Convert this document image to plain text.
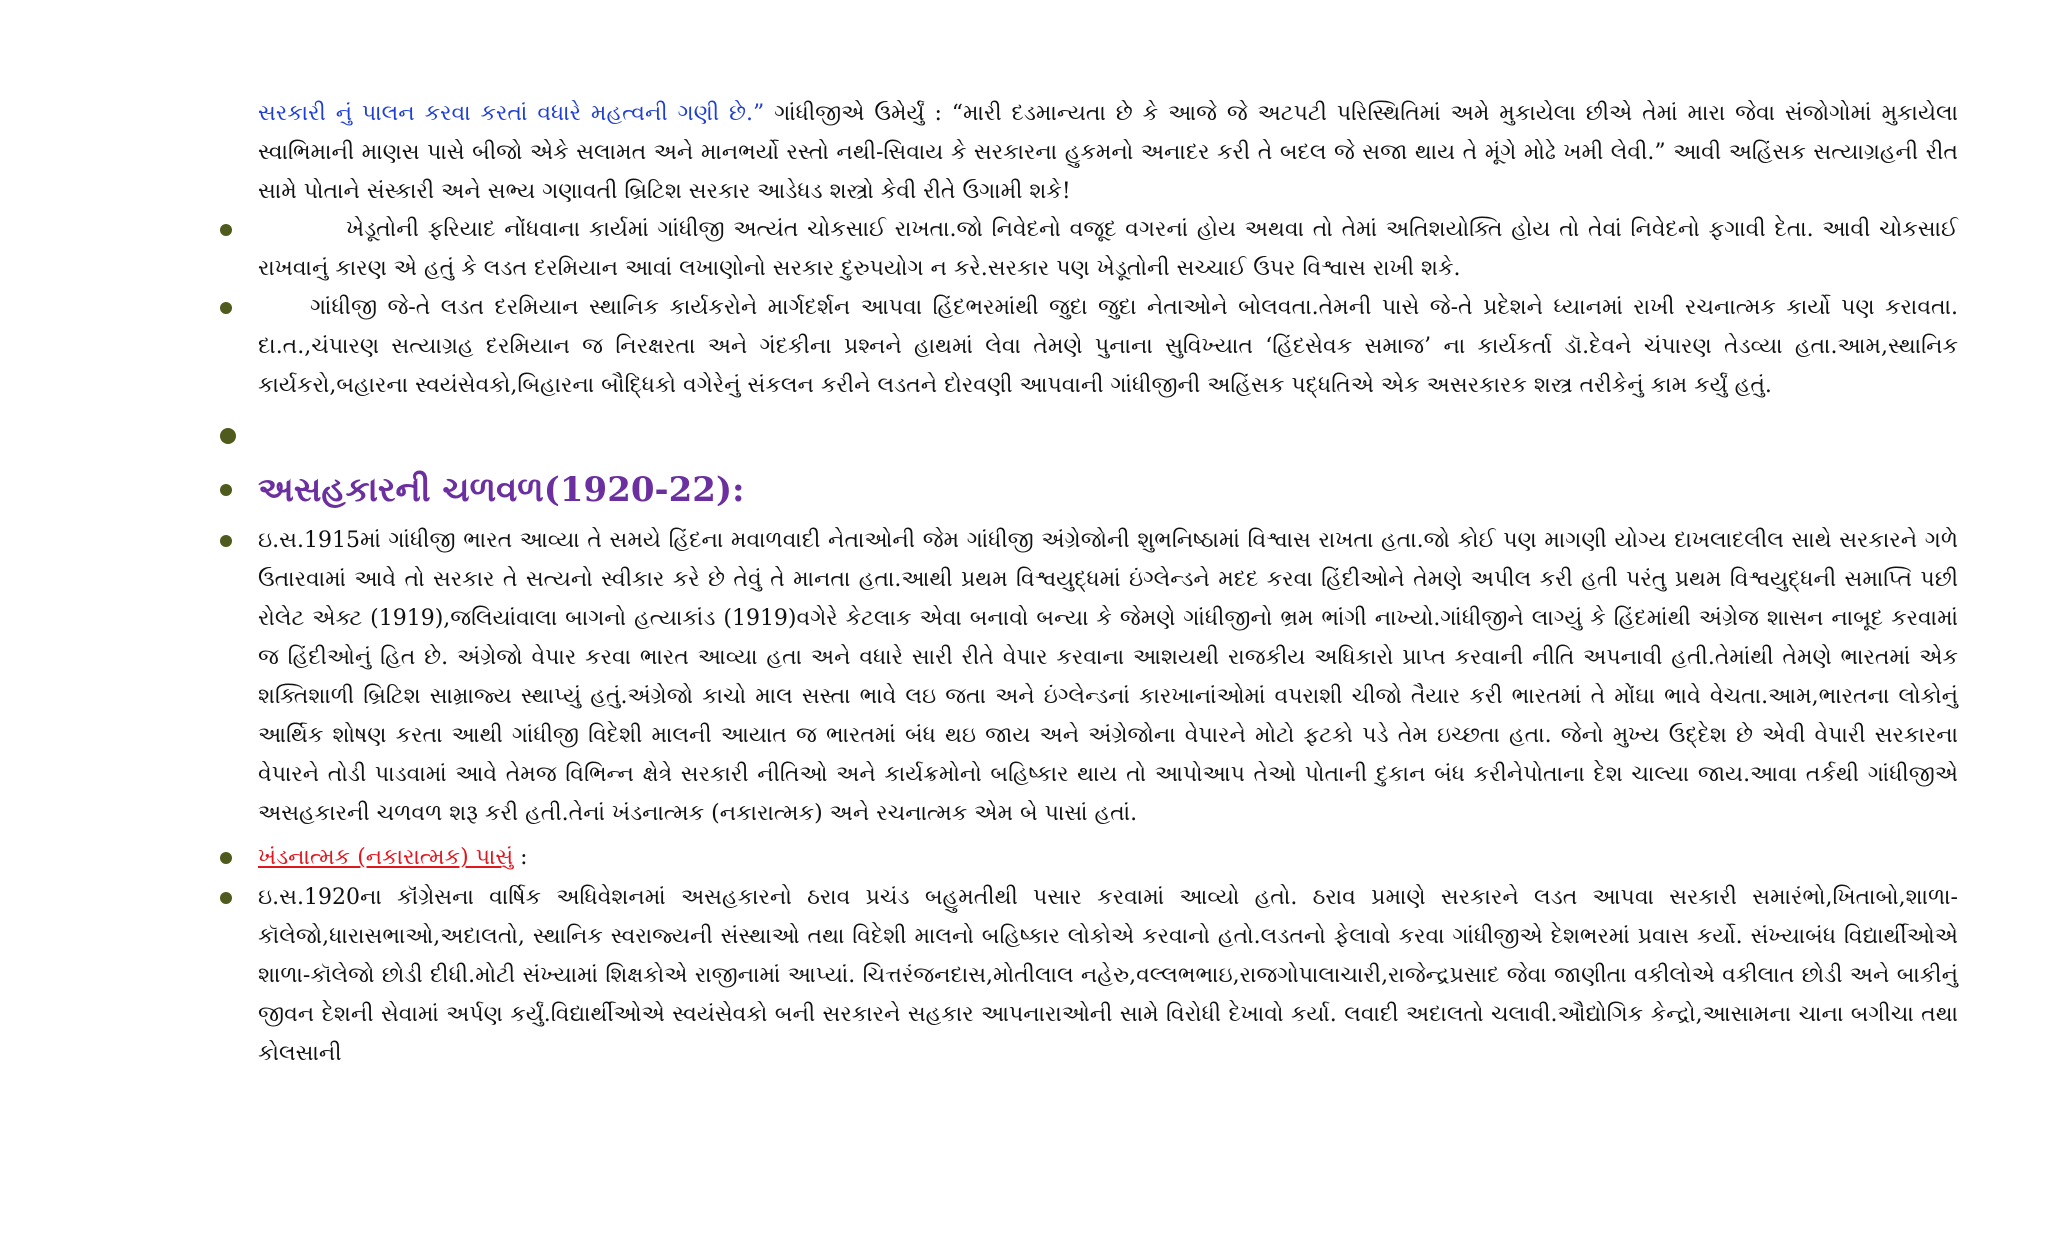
સરકારી નું પાલન કરવા કરતાં વધારે મહત્વની ગણી છે.” ગાંધીજીએ ઉમેર્યું : “મારી દડમાન્યતા છે કે આજે જે અટપટી પરિસ્થિતિમાં અમે મુકાયેલા છીએ તેમાં મારા જેવા સંજોગોમાં મુકાયેલા સ્વાભિમાની માણસ પાસે બીજો એકે સલામત અને માનભર્યો રસ્તો નથી-સિવાય કે સરકારના હુકમનો અનાદર કરી તે બદલ જે સજા થાય તે મૂંગે મોઢે ખમી લેવી.” આવી અહિંસક સત્યાગ્રહની રીત સામે પોતાને સંસ્કારી અને સભ્ય ગણાવતી બ્રિટિશ સરકાર આડેધડ શસ્ત્રો કેવી રીતે ઉગામી શકે!

ખેડૂતોની ફરિયાદ નોંધવાના કાર્યમાં ગાંધીજી અત્યંત ચોકસાઈ રાખતા.જો નિવેદનો વજૂદ વગરનાં હોય અથવા તો તેમાં અતિશયોક્તિ હોય તો તેવાં નિવેદનો ફગાવી દેતા. આવી ચોકસાઈ રાખવાનું કારણ એ હતું કે લડત દરમિયાન આવાં લખાણોનો સરકાર દુરુપયોગ ન કરે.સરકાર પણ ખેડૂતોની સચ્ચાઈ ઉપર વિશ્વાસ રાખી શકે.

ગાંધીજી જે-તે લડત દરમિયાન સ્થાનિક કાર્યકરોને માર્ગદર્શન આપવા હિંદભરમાંથી જુદા જુદા નેતાઓને બોલવતા.તેમની પાસે જે-તે પ્રદેશને ધ્યાનમાં રાખી રચનાત્મક કાર્યો પણ કરાવતા. દા.ત.,ચંપારણ સત્યાગ્રહ દરમિયાન જ નિરક્ષરતા અને ગંદકીના પ્રશ્નને હાથમાં લેવા તેમણે પુનાના સુવિખ્યાત ‘હિંદસેવક સમાજ’ ના કાર્યકર્તા ડૉ.દેવને ચંપારણ તેડવ્યા હતા.આમ,સ્થાનિક કાર્યકરો,બહારના સ્વયંસેવકો,બિહારના બૌદ્ધિકો વગેરેનું સંકલન કરીને લડતને દોરવણી આપવાની ગાંધીજીની અહિંસક પદ્ધતિએ એક અસરકારક શસ્ત્ર તરીકેનું કામ કર્યું હતું.

અસહકારની ચળવળ(1920-22):

ઇ.સ.1915માં ગાંધીજી ભારત આવ્યા તે સમયે હિંદના મવાળવાદી નેતાઓની જેમ ગાંધીજી અંગ્રેજોની શુભનિષ્ઠામાં વિશ્વાસ રાખતા હતા.જો કોઈ પણ માગણી યોગ્ય દાખલાદલીલ સાથે સરકારને ગળે ઉતારવામાં આવે તો સરકાર તે સત્યનો સ્વીકાર કરે છે તેવું તે માનતા હતા.આથી પ્રથમ વિશ્વયુદ્ધમાં ઇંગ્લેન્ડને મદદ કરવા હિંદીઓને તેમણે અપીલ કરી હતી પરંતુ પ્રથમ વિશ્વયુદ્ધની સમાપ્તિ પછી રોલેટ એક્ટ (1919),જલિયાંવાલા બાગનો હત્યાકાંડ (1919)વગેરે કેટલાક એવા બનાવો બન્યા કે જેમણે ગાંધીજીનો ભ્રમ ભાંગી નાખ્યો.ગાંધીજીને લાગ્યું કે હિંદમાંથી અંગ્રેજ શાસન નાબૂદ કરવામાં જ હિંદીઓનું હિત છે. અંગ્રેજો વેપાર કરવા ભારત આવ્યા હતા અને વધારે સારી રીતે વેપાર કરવાના આશયથી રાજકીય અધિકારો પ્રાપ્ત કરવાની નીતિ અપનાવી હતી.તેમાંથી તેમણે ભારતમાં એક શક્તિશાળી બ્રિટિશ સામ્રાજ્ય સ્થાપ્યું હતું.અંગ્રેજો કાચો માલ સસ્તા ભાવે લઇ જતા અને ઇંગ્લેન્ડનાં કારખાનાંઓમાં વપરાશી ચીજો તૈયાર કરી ભારતમાં તે મોંઘા ભાવે વેચતા.આમ,ભારતના લોકોનું આર્થિક શોષણ કરતા આથી ગાંધીજી વિદેશી માલની આયાત જ ભારતમાં બંધ થઇ જાય અને અંગ્રેજોના વેપારને મોટો ફટકો પડે તેમ ઇચ્છતા હતા. જેનો મુખ્ય ઉદ્દેશ છે એવી વેપારી સરકારના વેપારને તોડી પાડવામાં આવે તેમજ વિભિન્ન ક્ષેત્રે સરકારી નીતિઓ અને કાર્યક્રમોનો બહિષ્કાર થાય તો આપોઆપ તેઓ પોતાની દુકાન બંધ કરીનેપોતાના દેશ ચાલ્યા જાય.આવા તર્કથી ગાંધીજીએ અસહકારની ચળવળ શરૂ કરી હતી.તેનાં ખંડનાત્મક (નકારાત્મક) અને રચનાત્મક એમ બે પાસાં હતાં.

ખંડનાત્મક (નકારાત્મક) પાસું :

ઇ.સ.1920ના કૉંગ્રેસના વાર્ષિક અધિવેશનમાં અસહકારનો ઠરાવ પ્રચંડ બહુમતીથી પસાર કરવામાં આવ્યો હતો. ઠરાવ પ્રમાણે સરકારને લડત આપવા સરકારી સમારંભો,ખિતાબો,શાળા-કૉલેજો,ધારાસભાઓ,અદાલતો, સ્થાનિક સ્વરાજ્યની સંસ્થાઓ તથા વિદેશી માલનો બહિષ્કાર લોકોએ કરવાનો હતો.લડતનો ફેલાવો કરવા ગાંધીજીએ દેશભરમાં પ્રવાસ કર્યો. સંખ્યાબંધ વિદ્યાર્થીઓએ શાળા-કૉલેજો છોડી દીધી.મોટી સંખ્યામાં શિક્ષકોએ રાજીનામાં આપ્યાં. ચિત્તરંજનદાસ,મોતીલાલ નહેરુ,વલ્લભભાઇ,રાજગોપાલાચારી,રાજેન્દ્રપ્રસાદ જેવા જાણીતા વકીલોએ વકીલાત છોડી અને બાકીનું જીવન દેશની સેવામાં અર્પણ કર્યું.વિદ્યાર્થીઓએ સ્વયંસેવકો બની સરકારને સહકાર આપનારાઓની સામે વિરોધી દેખાવો કર્યા. લવાદી અદાલતો ચલાવી.ઔદ્યોગિક કેન્દ્રો,આસામના ચાના બગીચા તથા કોલસાની
